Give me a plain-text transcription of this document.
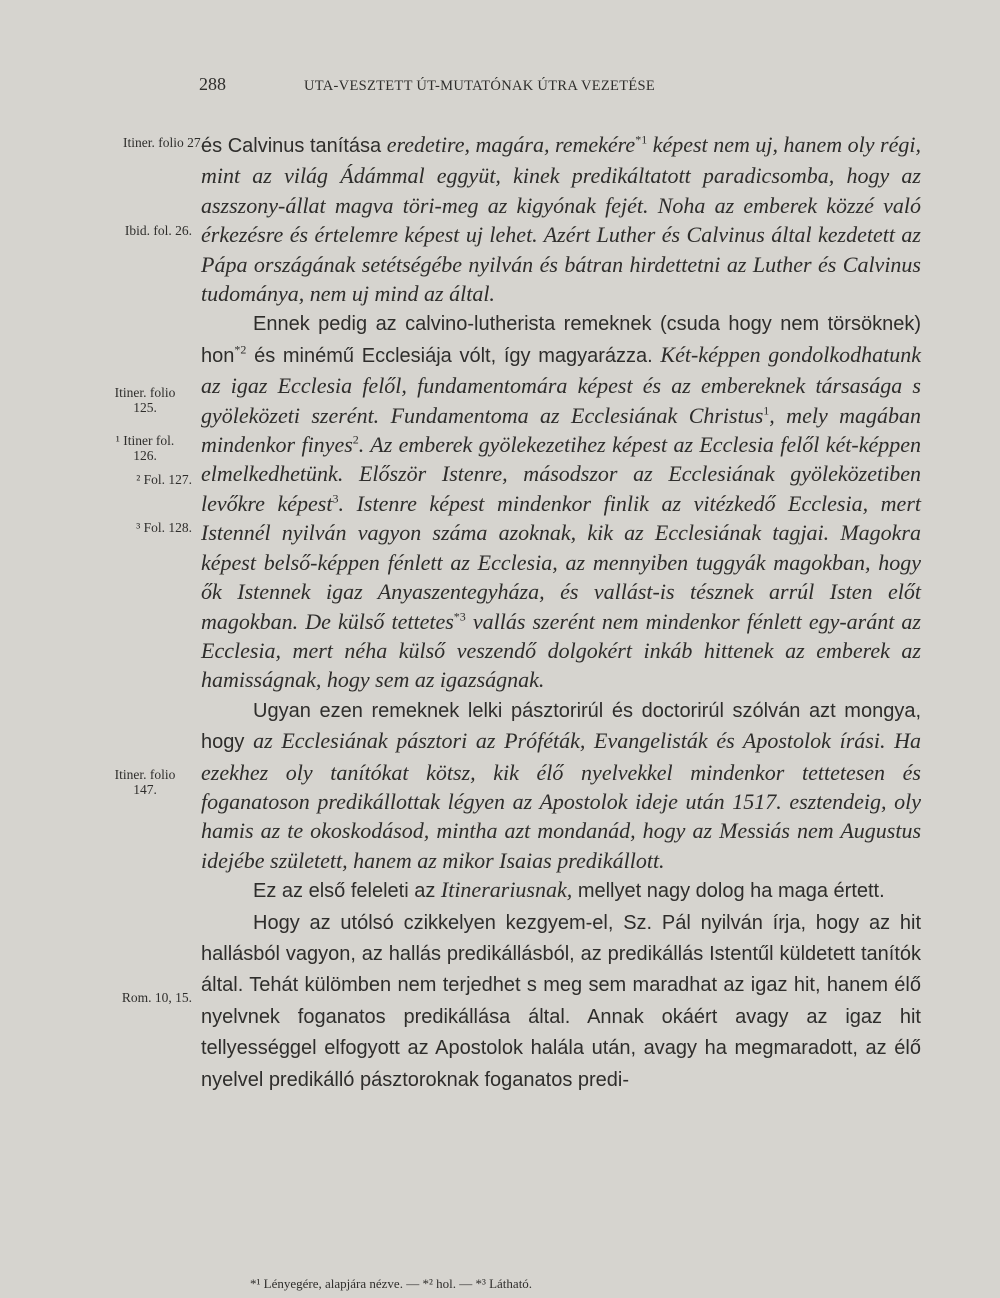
288	UTA-VESZTETT ÚT-MUTATÓNAK ÚTRA VEZETÉSE
Itiner. folio 27.
Ibid. fol. 26.
Itiner. folio
125.
¹ Itiner fol.
126.
² Fol. 127.
³ Fol. 128.
Itiner. folio
147.
Rom. 10, 15.

és Calvinus tanítása eredetire, magára, remekére$^{*1}$ képest nem uj, hanem oly régi, mint az világ Ádámmal eggyüt, kinek predikáltatott paradicsomba, hogy az aszszony-állat magva töri-meg az kigyónak fejét. Noha az emberek közzé való érkezésre és értelemre képest uj lehet. Azért Luther és Calvinus által kezdetett az Pápa országának setétségébe nyilván és bátran hirdettetni az Luther és Calvinus tudománya, nem uj mind az által.

Ennek pedig az calvino-lutherista remeknek (csuda hogy nem törsöknek) hon$^{*2}$ és minémű Ecclesiája vólt, így magyarázza. Két-képpen gondolkodhatunk az igaz Ecclesia felől, fundamentomára képest és az embereknek társasága s gyöleközeti szerént. Fundamentoma az Ecclesiának Christus$^1$, mely magában mindenkor finyes$^2$. Az emberek gyölekezetihez képest az Ecclesia felől két-képpen elmelkedhetünk. Először Istenre, másodszor az Ecclesiának gyöleközetiben levőkre képest$^3$. Istenre képest mindenkor finlik az vitézkedő Ecclesia, mert Istennél nyilván vagyon száma azoknak, kik az Ecclesiának tagjai. Magokra képest belső-képpen fénlett az Ecclesia, az mennyiben tuggyák magokban, hogy ők Istennek igaz Anyaszentegyháza, és vallást-is tésznek arrúl Isten előt magokban. De külső tettetes$^{*3}$ vallás szerént nem mindenkor fénlett egy-aránt az Ecclesia, mert néha külső veszendő dolgokért inkáb hittenek az emberek az hamisságnak, hogy sem az igazságnak.

Ugyan ezen remeknek lelki pásztorirúl és doctorirúl szólván azt mongya, hogy az Ecclesiának pásztori az Próféták, Evangelisták és Apostolok írási. Ha ezekhez oly tanítókat kötsz, kik élő nyelvekkel mindenkor tettetesen és foganatoson predikállottak légyen az Apostolok ideje után 1517. esztendeig, oly hamis az te okoskodásod, mintha azt mondanád, hogy az Messiás nem Augustus idejébe született, hanem az mikor Isaias predikállott.

Ez az első feleleti az Itinerariusnak, mellyet nagy dolog ha maga értett.

Hogy az utólsó czikkelyen kezgyem-el, Sz. Pál nyilván írja, hogy az hit hallásból vagyon, az hallás predikállásból, az predikállás Istentűl küldetett tanítók által. Tehát külömben nem terjedhet s meg sem maradhat az igaz hit, hanem élő nyelvnek foganatos predikállása által. Annak okáért avagy az igaz hit tellyességgel elfogyott az Apostolok halála után, avagy ha megmaradott, az élő nyelvel predikálló pásztoroknak foganatos predi-

*¹ Lényegére, alapjára nézve. — *² hol. — *³ Látható.
